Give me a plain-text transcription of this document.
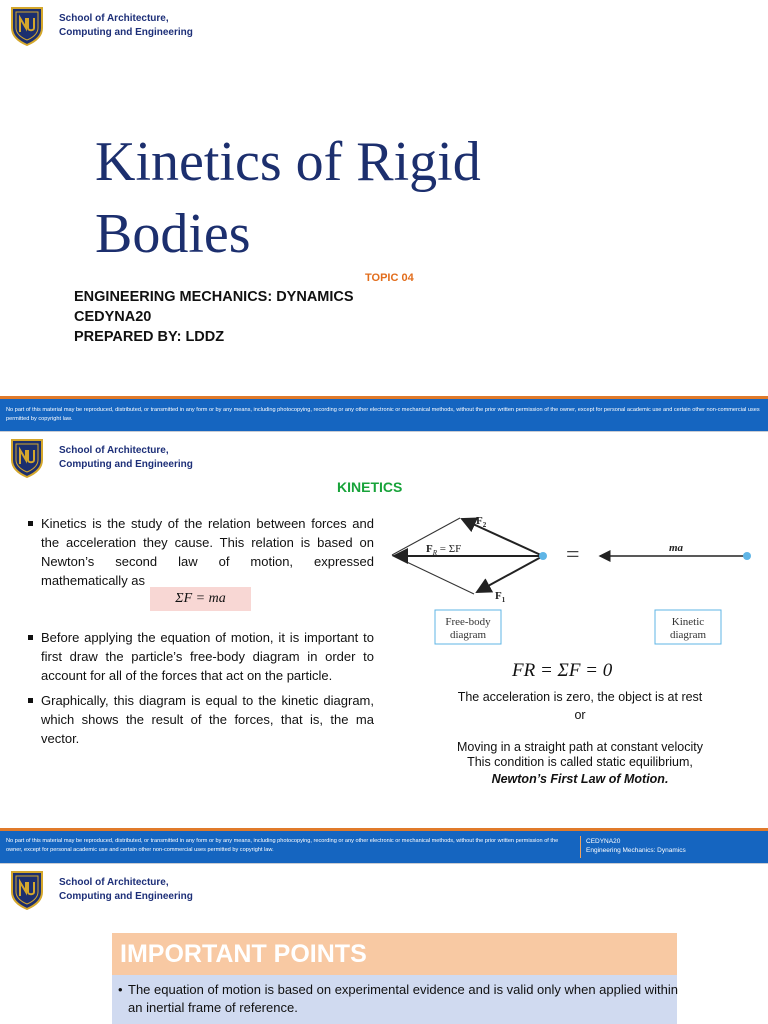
School of Architecture,
Computing and Engineering
Kinetics of Rigid
Bodies
TOPIC 04
ENGINEERING MECHANICS: DYNAMICS
CEDYNA20
PREPARED BY: LDDZ
No part of this material may be reproduced, distributed, or transmitted in any form or by any means, including photocopying, recording or any other electronic or mechanical methods, without the prior written permission of the owner, except for personal academic use and certain other non-commercial uses permitted by copyright law.
School of Architecture,
Computing and Engineering
KINETICS
Kinetics is the study of the relation between forces and the acceleration they cause. This relation is based on Newton’s second law of motion, expressed mathematically as
Before applying the equation of motion, it is important to first draw the particle’s free-body diagram in order to account for all of the forces that act on the particle.
Graphically, this diagram is equal to the kinetic diagram, which shows the result of the forces, that is, the ma vector.
ΣF = ma
$F_2$
$F_1$
$F_R = \Sigma F$	=	ma
Free-body
diagram
Kinetic
diagram
FR = ΣF = 0
The acceleration is zero, the object is at rest
or
Moving in a straight path at constant velocity
This condition is called static equilibrium,
Newton’s First Law of Motion.
No part of this material may be reproduced, distributed, or transmitted in any form or by any means, including photocopying, recording or any other electronic or mechanical methods, without the prior written permission of the owner, except for personal academic use and certain other non-commercial uses permitted by copyright law.
CEDYNA20
Engineering Mechanics: Dynamics
School of Architecture,
Computing and Engineering
IMPORTANT POINTS
• The equation of motion is based on experimental evidence and is valid only when applied within an inertial frame of reference.
